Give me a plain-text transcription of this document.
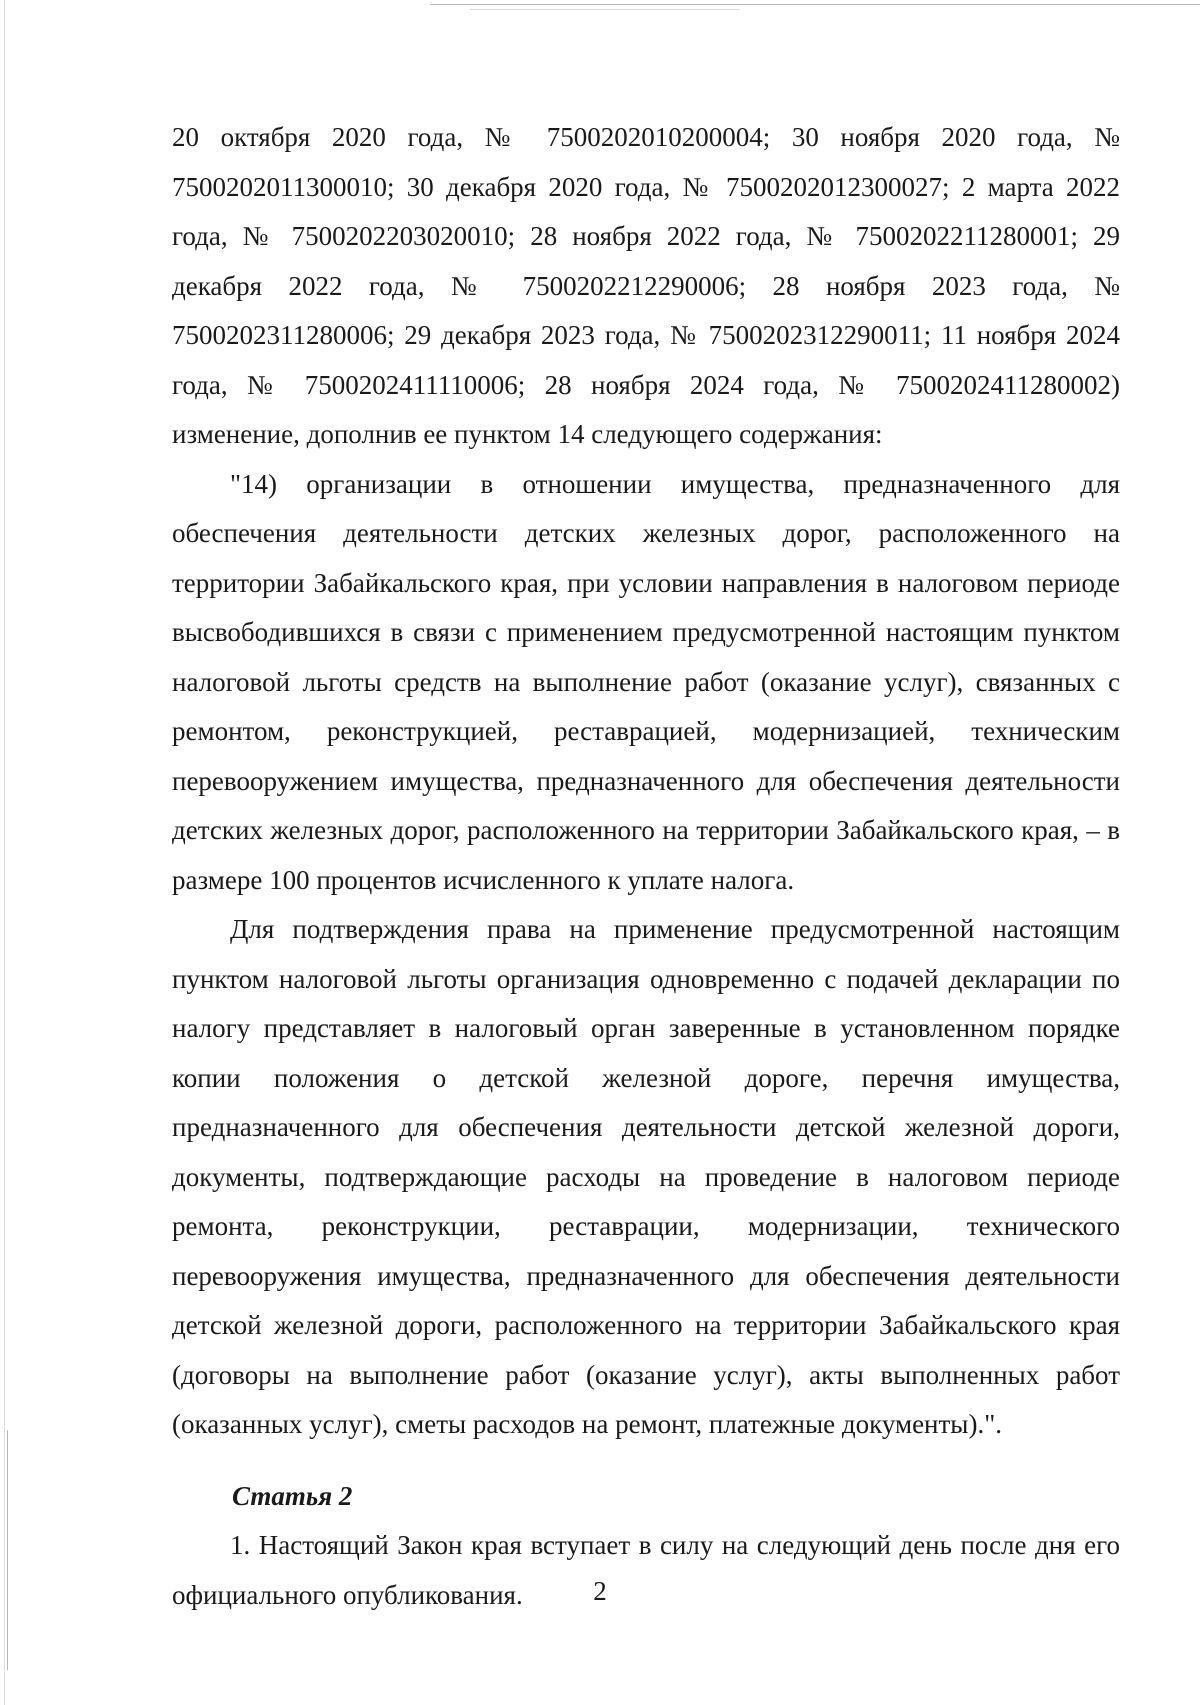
20 октября 2020 года, № 7500202010200004; 30 ноября 2020 года, № 7500202011300010; 30 декабря 2020 года, № 7500202012300027; 2 марта 2022 года, № 7500202203020010; 28 ноября 2022 года, № 7500202211280001; 29 декабря 2022 года, № 7500202212290006; 28 ноября 2023 года, № 7500202311280006; 29 декабря 2023 года, № 7500202312290011; 11 ноября 2024 года, № 7500202411110006; 28 ноября 2024 года, № 7500202411280002) изменение, дополнив ее пунктом 14 следующего содержания:

"14) организации в отношении имущества, предназначенного для обеспечения деятельности детских железных дорог, расположенного на территории Забайкальского края, при условии направления в налоговом периоде высвободившихся в связи с применением предусмотренной настоящим пунктом налоговой льготы средств на выполнение работ (оказание услуг), связанных с ремонтом, реконструкцией, реставрацией, модернизацией, техническим перевооружением имущества, предназначенного для обеспечения деятельности детских железных дорог, расположенного на территории Забайкальского края, – в размере 100 процентов исчисленного к уплате налога.

Для подтверждения права на применение предусмотренной настоящим пунктом налоговой льготы организация одновременно с подачей декларации по налогу представляет в налоговый орган заверенные в установленном порядке копии положения о детской железной дороге, перечня имущества, предназначенного для обеспечения деятельности детской железной дороги, документы, подтверждающие расходы на проведение в налоговом периоде ремонта, реконструкции, реставрации, модернизации, технического перевооружения имущества, предназначенного для обеспечения деятельности детской железной дороги, расположенного на территории Забайкальского края (договоры на выполнение работ (оказание услуг), акты выполненных работ (оказанных услуг), сметы расходов на ремонт, платежные документы).".

Статья 2

1. Настоящий Закон края вступает в силу на следующий день после дня его официального опубликования.	2
